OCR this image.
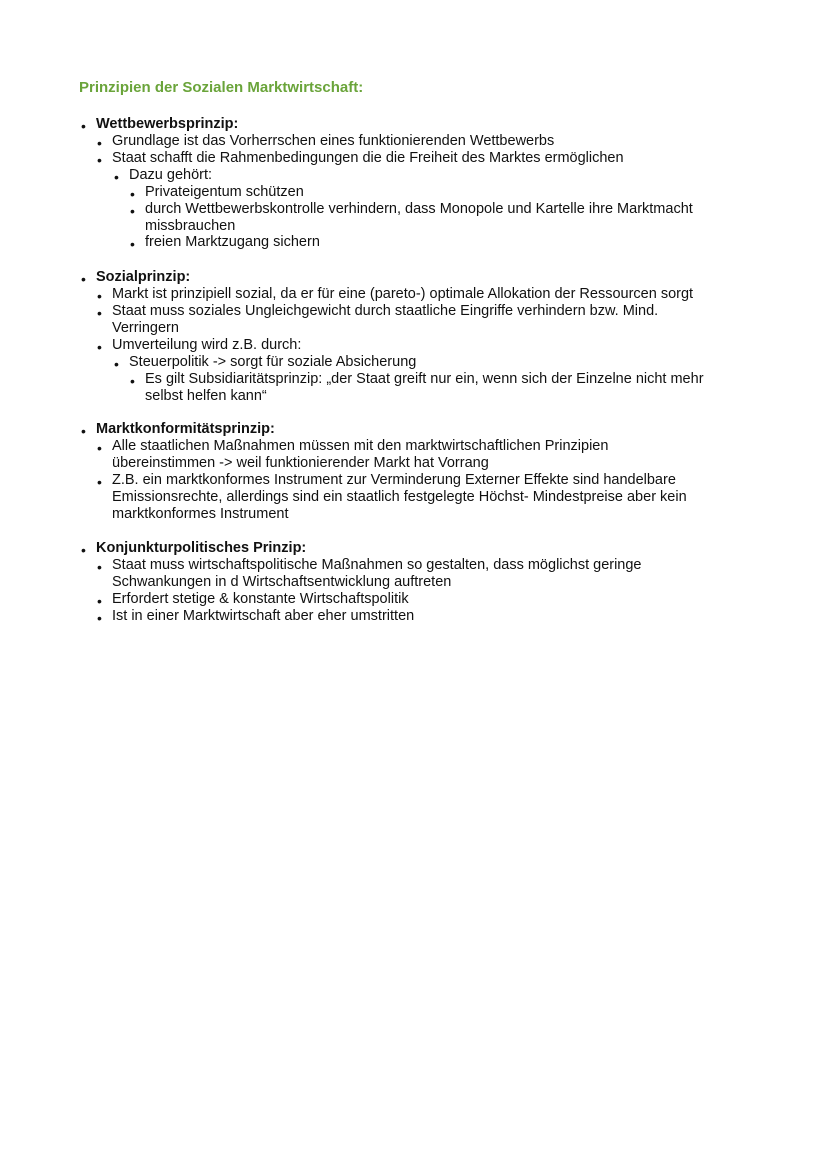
Prinzipien der Sozialen Marktwirtschaft:
• Wettbewerbsprinzip:
• Grundlage ist das Vorherrschen eines funktionierenden Wettbewerbs
• Staat schafft die Rahmenbedingungen die die Freiheit des Marktes ermöglichen
• Dazu gehört:
• Privateigentum schützen
• durch Wettbewerbskontrolle verhindern, dass Monopole und Kartelle ihre Marktmacht
missbrauchen
• freien Marktzugang sichern
• Sozialprinzip:
• Markt ist prinzipiell sozial, da er für eine (pareto-) optimale Allokation der Ressourcen sorgt
• Staat muss soziales Ungleichgewicht durch staatliche Eingriffe verhindern bzw. Mind.
Verringern
• Umverteilung wird z.B. durch:
• Steuerpolitik -> sorgt für soziale Absicherung
• Es gilt Subsidiaritätsprinzip: „der Staat greift nur ein, wenn sich der Einzelne nicht mehr
selbst helfen kann“
• Marktkonformitätsprinzip:
• Alle staatlichen Maßnahmen müssen mit den marktwirtschaftlichen Prinzipien
übereinstimmen -> weil funktionierender Markt hat Vorrang
• Z.B. ein marktkonformes Instrument zur Verminderung Externer Effekte sind handelbare
Emissionsrechte, allerdings sind ein staatlich festgelegte Höchst- Mindestpreise aber kein
marktkonformes Instrument
• Konjunkturpolitisches Prinzip:
• Staat muss wirtschaftspolitische Maßnahmen so gestalten, dass möglichst geringe
Schwankungen in d Wirtschaftsentwicklung auftreten
• Erfordert stetige & konstante Wirtschaftspolitik
• Ist in einer Marktwirtschaft aber eher umstritten
